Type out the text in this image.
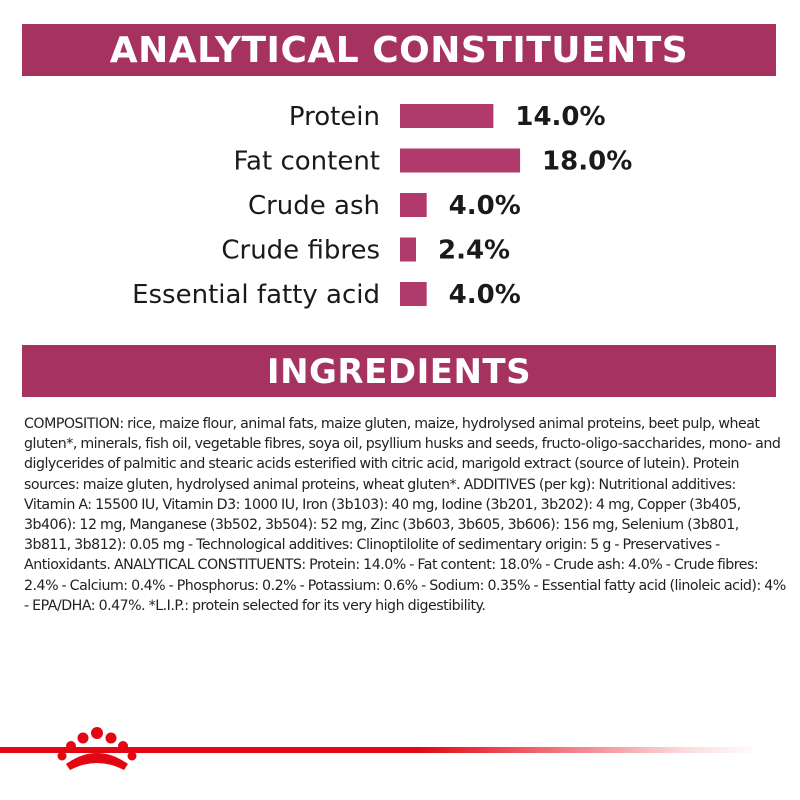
ANALYTICAL CONSTITUENTS
Protein	14.0%
Fat content	18.0%
Crude ash	4.0%
Crude fibres 2.4%
Essential fatty acid	4.0%
INGREDIENTS

COMPOSITION: rice, maize flour, animal fats, maize gluten, maize, hydrolysed animal proteins, beet pulp, wheat gluten*, minerals, fish oil, vegetable fibres, soya oil, psyllium husks and seeds, fructo-oligo-saccharides, mono- and diglycerides of palmitic and stearic acids esterified with citric acid, marigold extract (source of lutein). Protein sources: maize gluten, hydrolysed animal proteins, wheat gluten*. ADDITIVES (per kg): Nutritional additives: Vitamin A: 15500 IU, Vitamin D3: 1000 IU, Iron (3b103): 40 mg, Iodine (3b201, 3b202): 4 mg, Copper (3b405, 3b406): 12 mg, Manganese (3b502, 3b504): 52 mg, Zinc (3b603, 3b605, 3b606): 156 mg, Selenium (3b801, 3b811, 3b812): 0.05 mg - Technological additives: Clinoptilolite of sedimentary origin: 5 g - Preservatives - Antioxidants. ANALYTICAL CONSTITUENTS: Protein: 14.0% - Fat content: 18.0% - Crude ash: 4.0% - Crude fibres: 2.4% - Calcium: 0.4% - Phosphorus: 0.2% - Potassium: 0.6% - Sodium: 0.35% - Essential fatty acid (linoleic acid): 4% - EPA/DHA: 0.47%. *L.I.P.: protein selected for its very high digestibility.
